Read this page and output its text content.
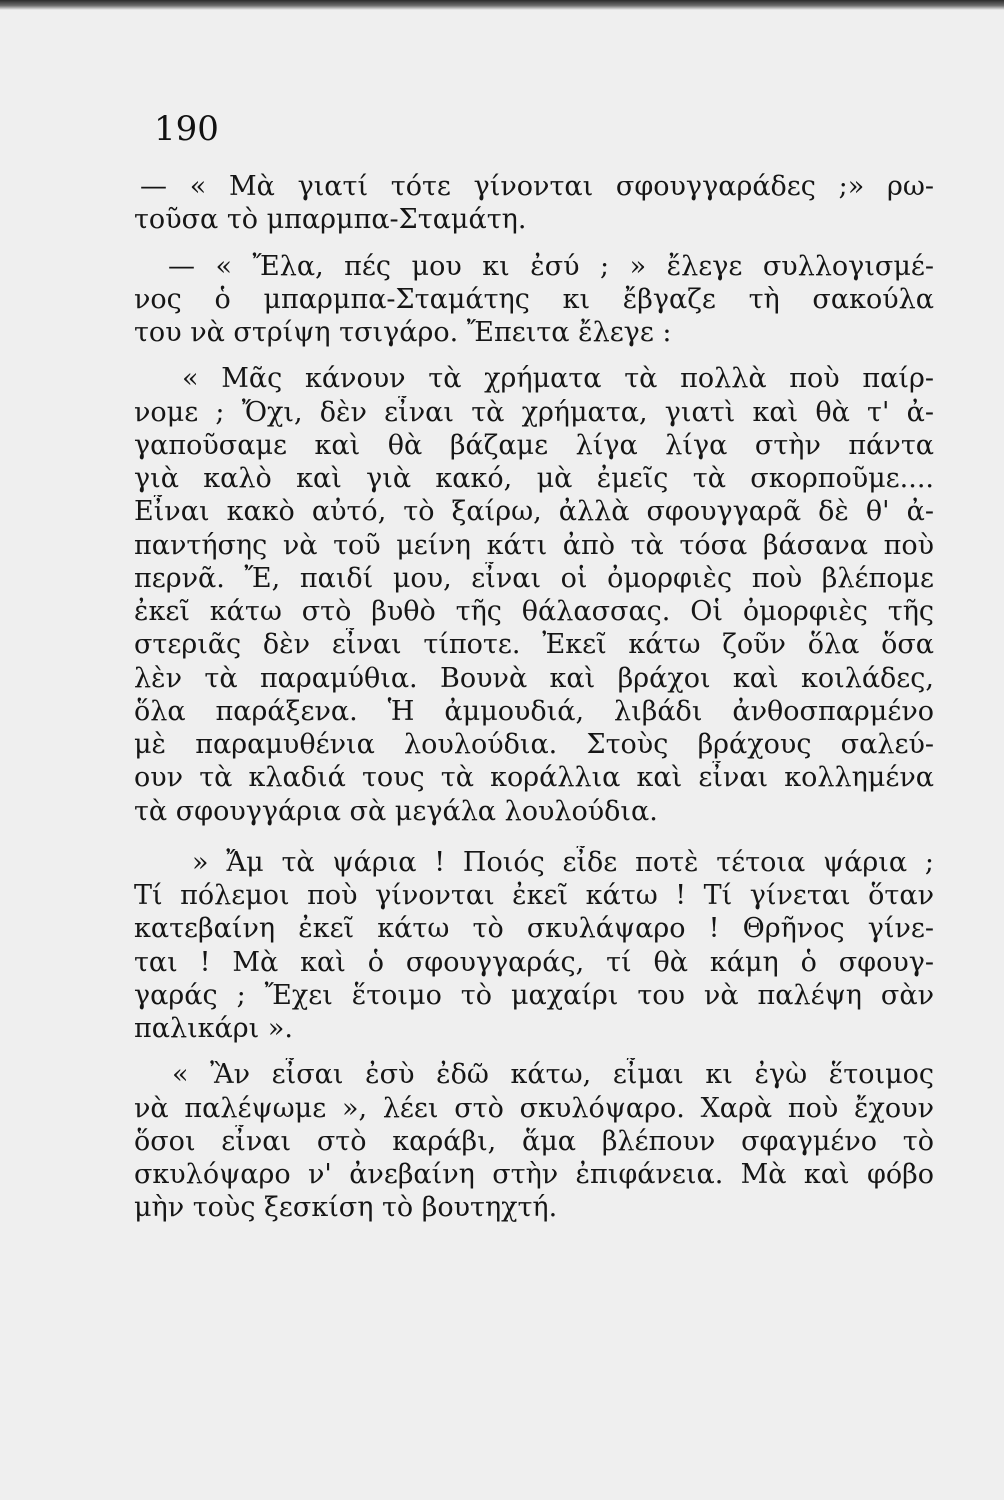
190
— « Μὰ γιατί τότε γίνονται σφουγγαράδες ;» ρω-
τοῦσα τὸ μπαρμπα-Σταμάτη.
— « Ἔλα, πές μου κι ἐσύ ; » ἔλεγε συλλογισμέ-
νος ὁ μπαρμπα-Σταμάτης κι ἔβγαζε τὴ σακούλα
του νὰ στρίψη τσιγάρο. Ἔπειτα ἔλεγε :
« Μᾶς κάνουν τὰ χρήματα τὰ πολλὰ ποὺ παίρ-
νομε ; Ὄχι, δὲν εἶναι τὰ χρήματα, γιατὶ καὶ θὰ τ' ἀ-
γαποῦσαμε καὶ θὰ βάζαμε λίγα λίγα στὴν πάντα
γιὰ καλὸ καὶ γιὰ κακό, μὰ ἐμεῖς τὰ σκορποῦμε....
Εἶναι κακὸ αὐτό, τὸ ξαίρω, ἀλλὰ σφουγγαρᾶ δὲ θ' ἀ-
παντήσης νὰ τοῦ μείνη κάτι ἀπὸ τὰ τόσα βάσανα ποὺ
περνᾶ. Ἔ, παιδί μου, εἶναι οἱ ὀμορφιὲς ποὺ βλέπομε
ἐκεῖ κάτω στὸ βυθὸ τῆς θάλασσας. Οἱ ὀμορφιὲς τῆς
στεριᾶς δὲν εἶναι τίποτε. Ἐκεῖ κάτω ζοῦν ὅλα ὅσα
λὲν τὰ παραμύθια. Βουνὰ καὶ βράχοι καὶ κοιλάδες,
ὅλα παράξενα. Ἡ ἀμμουδιά, λιβάδι ἀνθοσπαρμένο
μὲ παραμυθένια λουλούδια. Στοὺς βράχους σαλεύ-
ουν τὰ κλαδιά τους τὰ κοράλλια καὶ εἶναι κολλημένα
τὰ σφουγγάρια σὰ μεγάλα λουλούδια.
» Ἄμ τὰ ψάρια ! Ποιός εἶδε ποτὲ τέτοια ψάρια ;
Τί πόλεμοι ποὺ γίνονται ἐκεῖ κάτω ! Τί γίνεται ὅταν
κατεβαίνη ἐκεῖ κάτω τὸ σκυλάψαρο ! Θρῆνος γίνε-
ται ! Μὰ καὶ ὁ σφουγγαράς, τί θὰ κάμη ὁ σφουγ-
γαράς ; Ἔχει ἕτοιμο τὸ μαχαίρι του νὰ παλέψη σὰν
παλικάρι ».
« Ἂν εἶσαι ἐσὺ ἐδῶ κάτω, εἶμαι κι ἐγὼ ἕτοιμος
νὰ παλέψωμε », λέει στὸ σκυλόψαρο. Χαρὰ ποὺ ἔχουν
ὅσοι εἶναι στὸ καράβι, ἅμα βλέπουν σφαγμένο τὸ
σκυλόψαρο ν' ἀνεβαίνη στὴν ἐπιφάνεια. Μὰ καὶ φόβο
μὴν τοὺς ξεσκίση τὸ βουτηχτή.
